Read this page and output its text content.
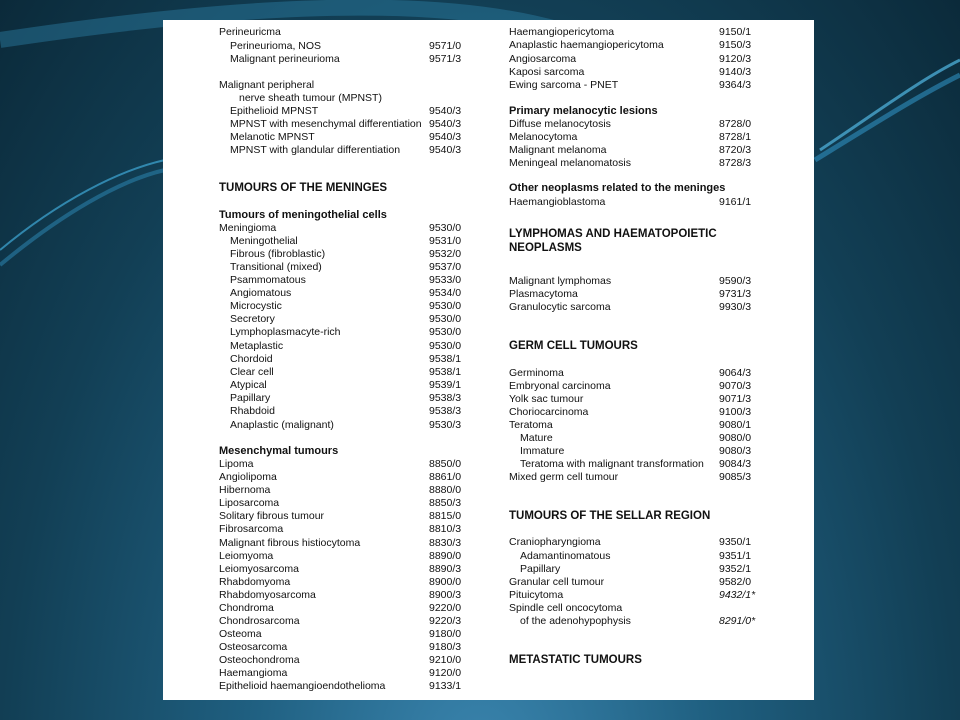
Perineuricma
Perineurioma, NOS	9571/0
Malignant perineurioma	9571/3
Malignant peripheral
nerve sheath tumour (MPNST)
Epithelioid MPNST	9540/3
MPNST with mesenchymal differentiation 9540/3
Melanotic MPNST	9540/3
MPNST with glandular differentiation	9540/3
TUMOURS OF THE MENINGES
Tumours of meningothelial cells
Meningioma	9530/0
Meningothelial	9531/0
Fibrous (fibroblastic)	9532/0
Transitional (mixed)	9537/0
Psammomatous	9533/0
Angiomatous	9534/0
Microcystic	9530/0
Secretory	9530/0
Lymphoplasmacyte-rich	9530/0
Metaplastic	9530/0
Chordoid	9538/1
Clear cell	9538/1
Atypical	9539/1
Papillary	9538/3
Rhabdoid	9538/3
Anaplastic (malignant)	9530/3
Mesenchymal tumours
Lipoma	8850/0
Angiolipoma	8861/0
Hibernoma	8880/0
Liposarcoma	8850/3
Solitary fibrous tumour	8815/0
Fibrosarcoma	8810/3
Malignant fibrous histiocytoma	8830/3
Leiomyoma	8890/0
Leiomyosarcoma	8890/3
Rhabdomyoma	8900/0
Rhabdomyosarcoma	8900/3
Chondroma	9220/0
Chondrosarcoma	9220/3
Osteoma	9180/0
Osteosarcoma	9180/3
Osteochondroma	9210/0
Haemangioma	9120/0
Epithelioid haemangioendothelioma	9133/1
Haemangiopericytoma	9150/1
Anaplastic haemangiopericytoma	9150/3
Angiosarcoma	9120/3
Kaposi sarcoma	9140/3
Ewing sarcoma - PNET	9364/3
Primary melanocytic lesions
Diffuse melanocytosis	8728/0
Melanocytoma	8728/1
Malignant melanoma	8720/3
Meningeal melanomatosis	8728/3
Other neoplasms related to the meninges
Haemangioblastoma	9161/1
LYMPHOMAS AND HAEMATOPOIETIC
NEOPLASMS
Malignant lymphomas	9590/3
Plasmacytoma	9731/3
Granulocytic sarcoma	9930/3
GERM CELL TUMOURS
Germinoma	9064/3
Embryonal carcinoma	9070/3
Yolk sac tumour	9071/3
Choriocarcinoma	9100/3
Teratoma	9080/1
Mature	9080/0
Immature	9080/3
Teratoma with malignant transformation 9084/3
Mixed germ cell tumour	9085/3
TUMOURS OF THE SELLAR REGION
Craniopharyngioma	9350/1
Adamantinomatous	9351/1
Papillary	9352/1
Granular cell tumour	9582/0
Pituicytoma	9432/1*
Spindle cell oncocytoma
of the adenohypophysis	8291/0*
METASTATIC TUMOURS
